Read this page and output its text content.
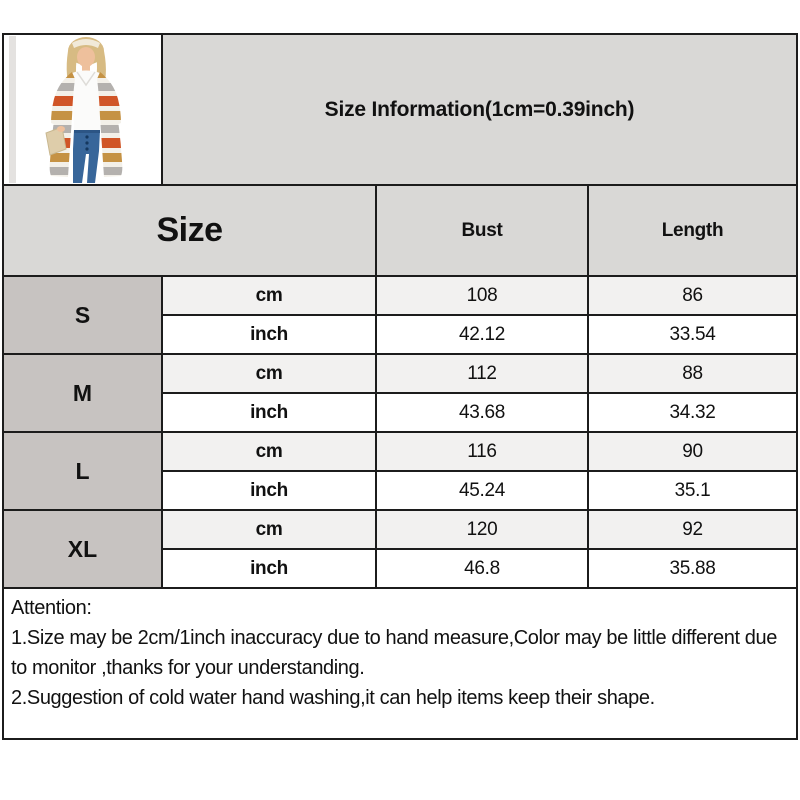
	Size Information(1cm=0.39inch)		
Size		Bust	Length
S	cm	108	86
	inch	42.12	33.54
M	cm	112	88
	inch	43.68	34.32
L	cm	116	90
	inch	45.24	35.1
XL	cm	120	92
	inch	46.8	35.88

Attention:
1.Size may be 2cm/1inch inaccuracy due to hand measure,Color may be little different due to monitor ,thanks for your understanding.
2.Suggestion of cold water hand washing,it can help items keep their shape.			
